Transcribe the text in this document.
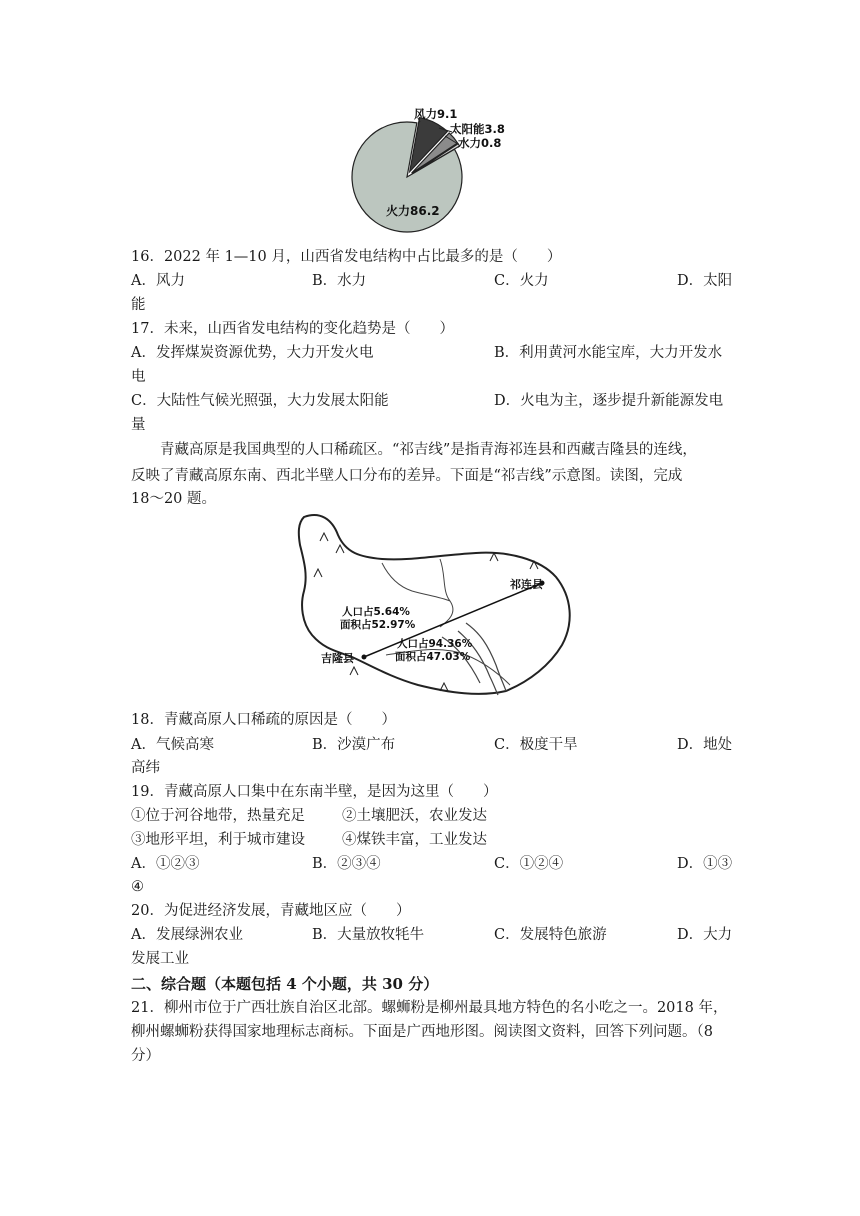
风力9.1
太阳能3.8
水力0.8
火力86.2
16．2022 年 1—10 月，山西省发电结构中占比最多的是（　　）
A．风力	B．水力	C．火力	D．太阳
能
17．未来，山西省发电结构的变化趋势是（　　）
A．发挥煤炭资源优势，大力开发火电	B．利用黄河水能宝库，大力开发水
电
C．大陆性气候光照强，大力发展太阳能	D．火电为主，逐步提升新能源发电
量
青藏高原是我国典型的人口稀疏区。“祁吉线”是指青海祁连县和西藏吉隆县的连线，
反映了青藏高原东南、西北半壁人口分布的差异。下面是“祁吉线”示意图。读图，完成
18～20 题。
祁连县
吉隆县
人口占5.64%
面积占52.97%
人口占94.36%
面积占47.03%
18．青藏高原人口稀疏的原因是（　　）
A．气候高寒	B．沙漠广布	C．极度干旱	D．地处
高纬
19．青藏高原人口集中在东南半壁，是因为这里（　　）
①位于河谷地带，热量充足	②土壤肥沃，农业发达
③地形平坦，利于城市建设	④煤铁丰富，工业发达
A．①②③	B．②③④	C．①②④	D．①③
④
20．为促进经济发展，青藏地区应（　　）
A．发展绿洲农业	B．大量放牧牦牛	C．发展特色旅游	D．大力
发展工业
二、综合题（本题包括 4 个小题，共 30 分）
21．柳州市位于广西壮族自治区北部。螺蛳粉是柳州最具地方特色的名小吃之一。2018 年，
柳州螺蛳粉获得国家地理标志商标。下面是广西地形图。阅读图文资料，回答下列问题。（8
分）
